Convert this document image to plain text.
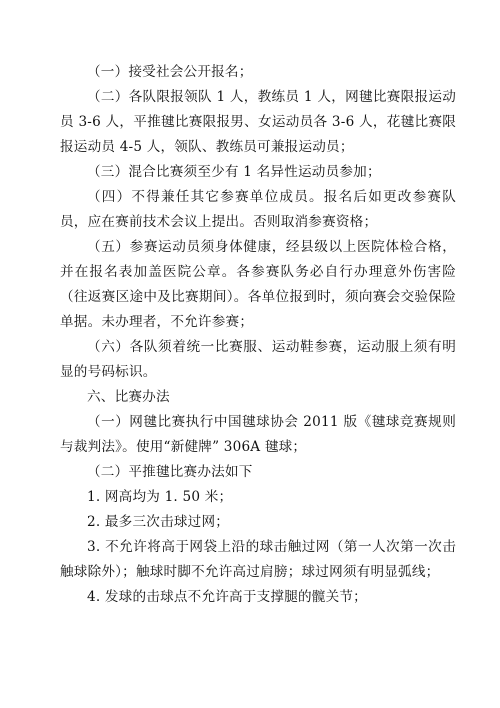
（一）接受社会公开报名；

（二）各队限报领队 1 人，教练员 1 人，网毽比赛限报运动员 3-6 人，平推毽比赛限报男、女运动员各 3-6 人，花毽比赛限报运动员 4-5 人，领队、教练员可兼报运动员；

（三）混合比赛须至少有 1 名异性运动员参加；

（四）不得兼任其它参赛单位成员。报名后如更改参赛队员，应在赛前技术会议上提出。否则取消参赛资格；

（五）参赛运动员须身体健康，经县级以上医院体检合格，并在报名表加盖医院公章。各参赛队务必自行办理意外伤害险（往返赛区途中及比赛期间）。各单位报到时，须向赛会交验保险单据。未办理者，不允许参赛；

（六）各队须着统一比赛服、运动鞋参赛，运动服上须有明显的号码标识。

六、比赛办法

（一）网毽比赛执行中国毽球协会 2011 版《毽球竞赛规则与裁判法》。使用“新健牌” 306A 毽球；

（二）平推毽比赛办法如下

1. 网高均为 1. 50 米；

2. 最多三次击球过网；

3. 不允许将高于网袋上沿的球击触过网（第一人次第一次击触球除外）；触球时脚不允许高过肩膀；球过网须有明显弧线；

4. 发球的击球点不允许高于支撑腿的髋关节；
